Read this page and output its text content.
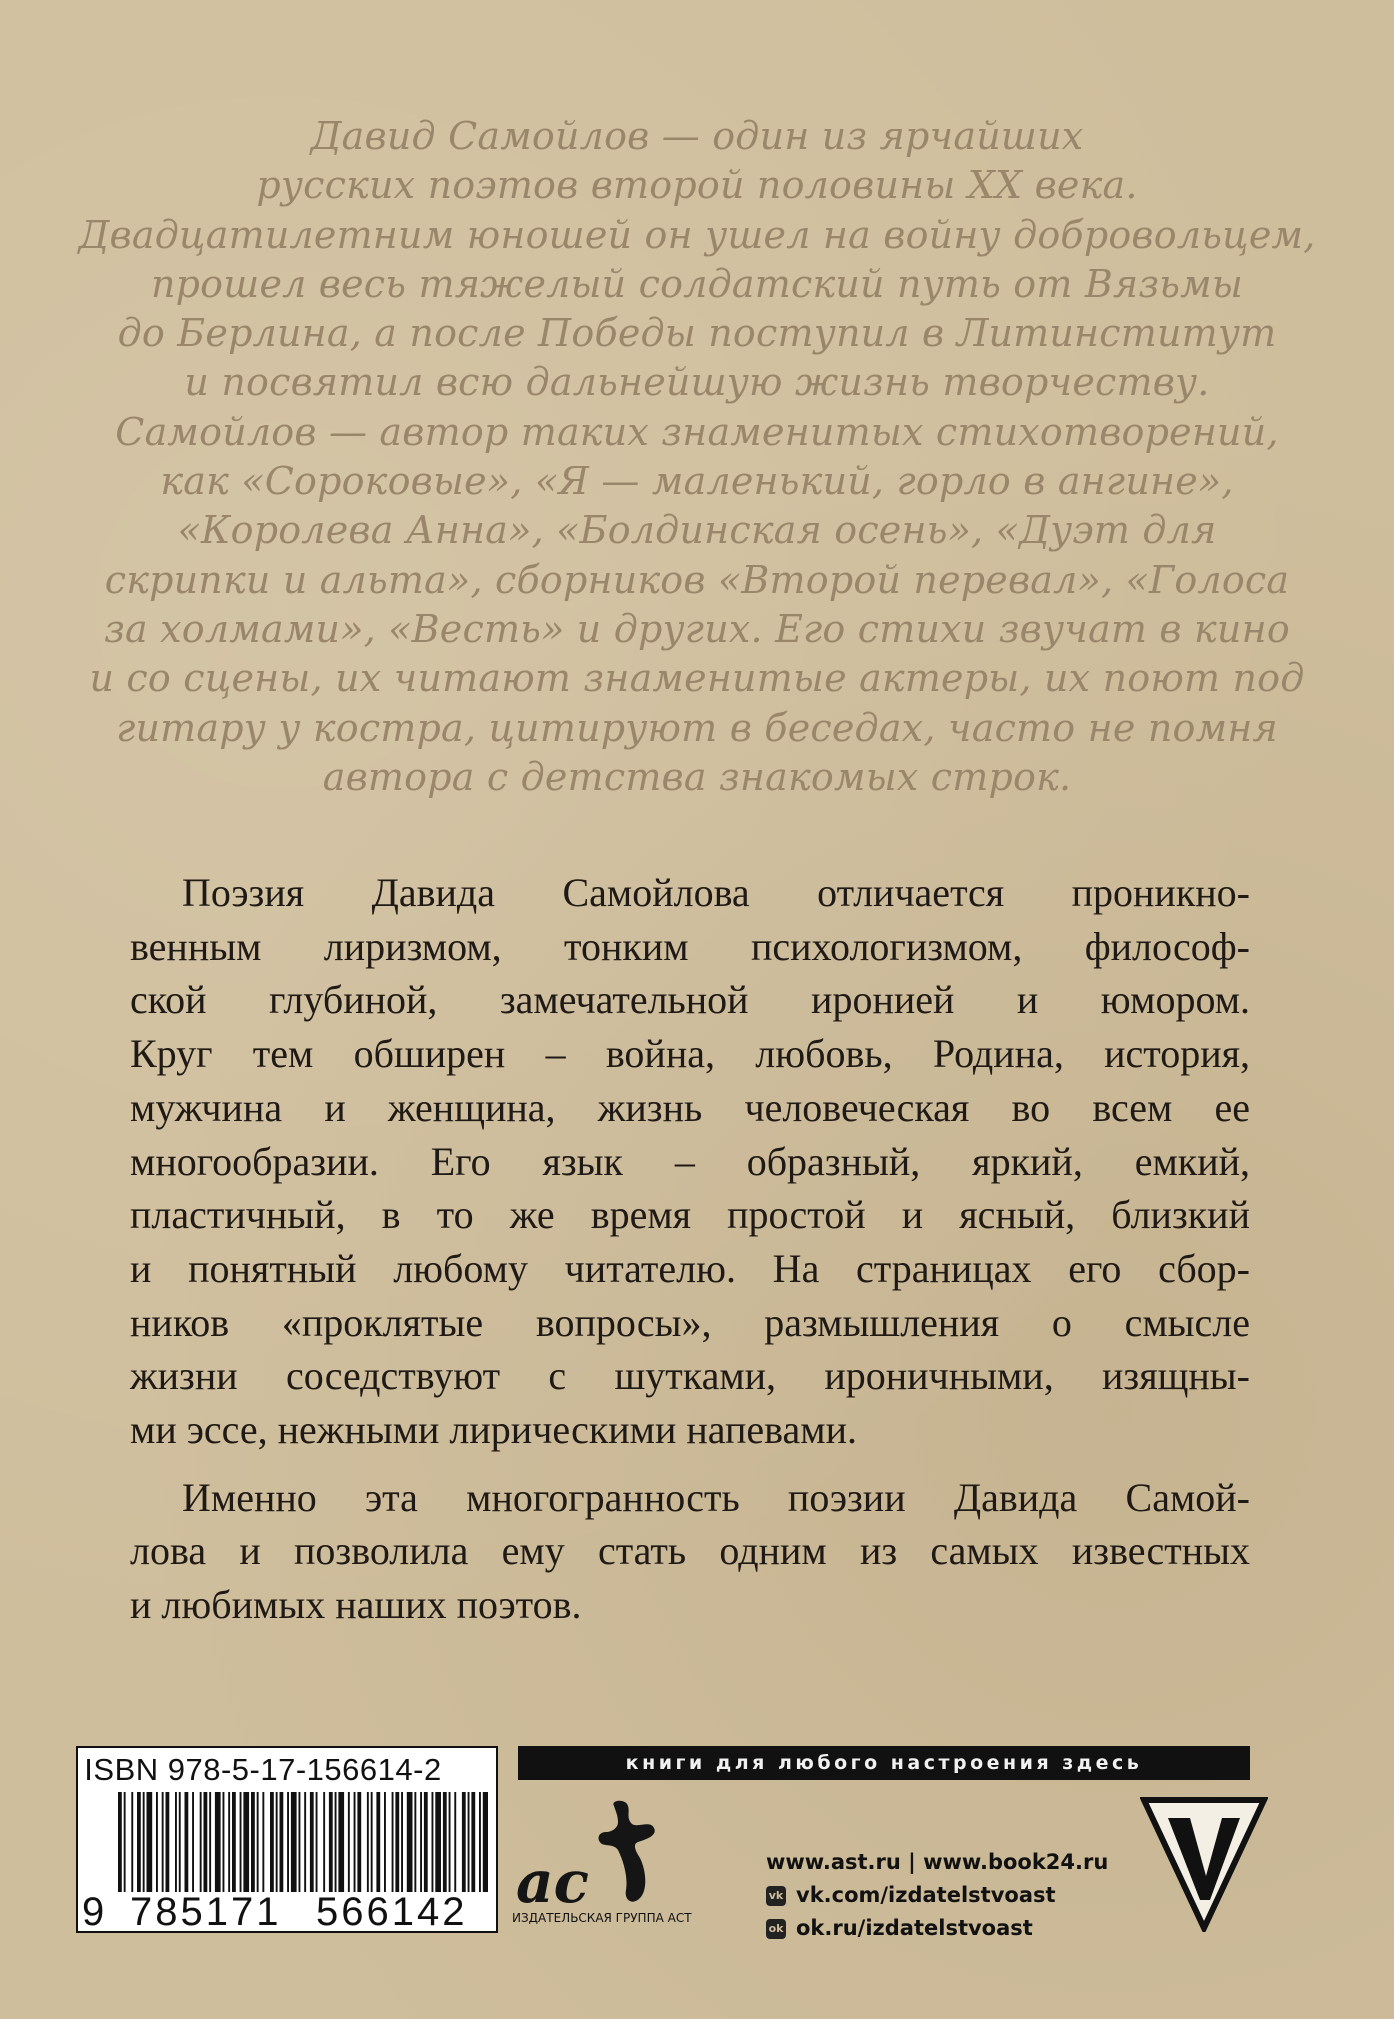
Давид Самойлов — один из ярчайших
русских поэтов второй половины XX века.
Двадцатилетним юношей он ушел на войну добровольцем,
прошел весь тяжелый солдатский путь от Вязьмы
до Берлина, а после Победы поступил в Литинститут
и посвятил всю дальнейшую жизнь творчеству.
Самойлов — автор таких знаменитых стихотворений,
как «Сороковые», «Я — маленький, горло в ангине»,
«Королева Анна», «Болдинская осень», «Дуэт для
скрипки и альта», сборников «Второй перевал», «Голоса
за холмами», «Весть» и других. Его стихи звучат в кино
и со сцены, их читают знаменитые актеры, их поют под
гитару у костра, цитируют в беседах, часто не помня
автора с детства знакомых строк.
Поэзия Давида Самойлова отличается проникно-
венным лиризмом, тонким психологизмом, философ-
ской глубиной, замечательной иронией и юмором.
Круг тем обширен – война, любовь, Родина, история,
мужчина и женщина, жизнь человеческая во всем ее
многообразии. Его язык – образный, яркий, емкий,
пластичный, в то же время простой и ясный, близкий
и понятный любому читателю. На страницах его сбор-
ников «проклятые вопросы», размышления о смысле
жизни соседствуют с шутками, ироничными, изящны-
ми эссе, нежными лирическими напевами.
Именно эта многогранность поэзии Давида Самой-
лова и позволила ему стать одним из самых известных
и любимых наших поэтов.
ISBN 978-5-17-156614-2
9 785171 566142
книги для любого настроения здесь
ac
ИЗДАТЕЛЬСКАЯ ГРУППА АСТ
www.ast.ru | www.book24.ru
vk vk.com/izdatelstvoast
ok ok.ru/izdatelstvoast
